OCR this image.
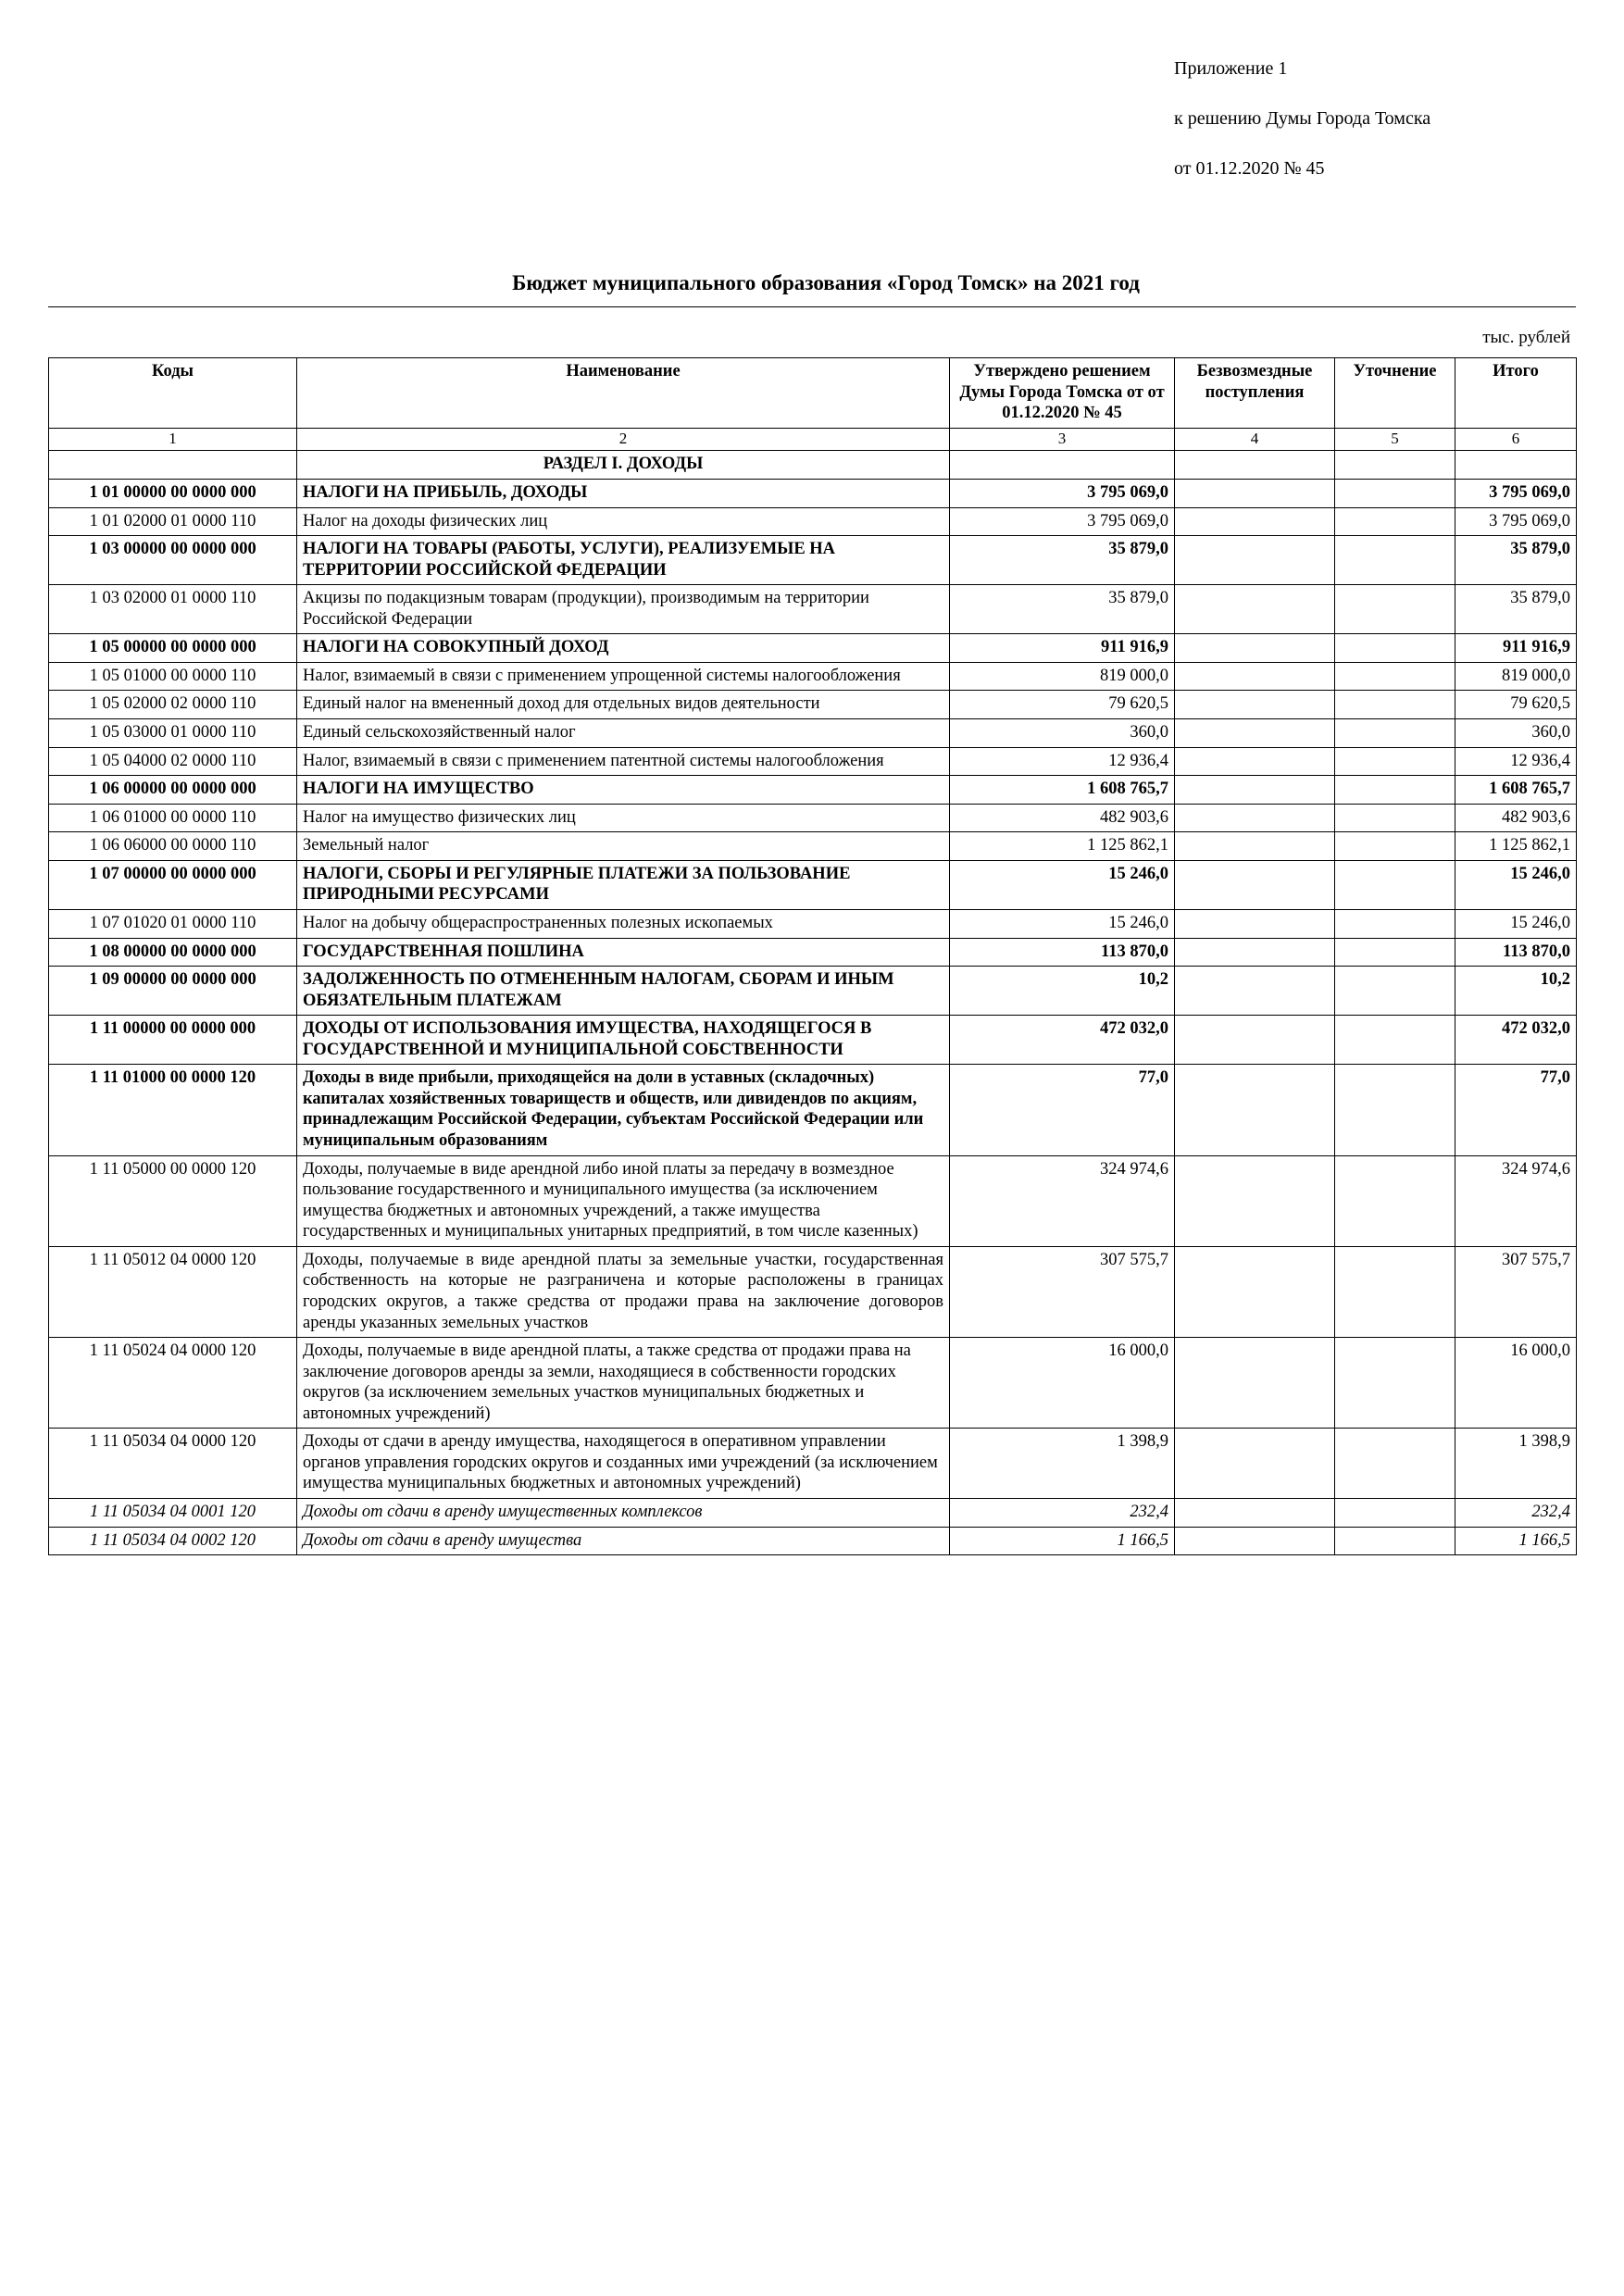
Приложение 1

к решению Думы Города Томска

от 01.12.2020 № 45

Бюджет муниципального образования «Город Томск» на 2021 год
тыс. рублей
Коды	Наименование	Утверждено решением Думы Города Томска от от 01.12.2020 № 45	Безвозмездные поступления	Уточнение	Итого
1	2	3	4	5	6
	РАЗДЕЛ I. ДОХОДЫ				
1 01 00000 00 0000 000	НАЛОГИ НА ПРИБЫЛЬ, ДОХОДЫ	3 795 069,0			3 795 069,0
1 01 02000 01 0000 110	Налог на доходы физических лиц	3 795 069,0			3 795 069,0
1 03 00000 00 0000 000	НАЛОГИ НА ТОВАРЫ (РАБОТЫ, УСЛУГИ), РЕАЛИЗУЕМЫЕ НА ТЕРРИТОРИИ РОССИЙСКОЙ ФЕДЕРАЦИИ	35 879,0			35 879,0
1 03 02000 01 0000 110	Акцизы по подакцизным товарам (продукции), производимым на территории Российской Федерации	35 879,0			35 879,0
1 05 00000 00 0000 000	НАЛОГИ НА СОВОКУПНЫЙ ДОХОД	911 916,9			911 916,9
1 05 01000 00 0000 110	Налог, взимаемый в связи с применением упрощенной системы налогообложения	819 000,0			819 000,0
1 05 02000 02 0000 110	Единый налог на вмененный доход для отдельных видов деятельности	79 620,5			79 620,5
1 05 03000 01 0000 110	Единый сельскохозяйственный налог	360,0			360,0
1 05 04000 02 0000 110	Налог, взимаемый в связи с применением патентной системы налогообложения	12 936,4			12 936,4
1 06 00000 00 0000 000	НАЛОГИ НА ИМУЩЕСТВО	1 608 765,7			1 608 765,7
1 06 01000 00 0000 110	Налог на имущество физических лиц	482 903,6			482 903,6
1 06 06000 00 0000 110	Земельный налог	1 125 862,1			1 125 862,1
1 07 00000 00 0000 000	НАЛОГИ, СБОРЫ И РЕГУЛЯРНЫЕ ПЛАТЕЖИ ЗА ПОЛЬЗОВАНИЕ ПРИРОДНЫМИ РЕСУРСАМИ	15 246,0			15 246,0
1 07 01020 01 0000 110	Налог на добычу общераспространенных полезных ископаемых	15 246,0			15 246,0
1 08 00000 00 0000 000	ГОСУДАРСТВЕННАЯ ПОШЛИНА	113 870,0			113 870,0
1 09 00000 00 0000 000	ЗАДОЛЖЕННОСТЬ ПО ОТМЕНЕННЫМ НАЛОГАМ, СБОРАМ И ИНЫМ ОБЯЗАТЕЛЬНЫМ ПЛАТЕЖАМ	10,2			10,2
1 11 00000 00 0000 000	ДОХОДЫ ОТ ИСПОЛЬЗОВАНИЯ ИМУЩЕСТВА, НАХОДЯЩЕГОСЯ В ГОСУДАРСТВЕННОЙ И МУНИЦИПАЛЬНОЙ СОБСТВЕННОСТИ	472 032,0			472 032,0
1 11 01000 00 0000 120	Доходы в виде прибыли, приходящейся на доли в уставных (складочных) капиталах хозяйственных товариществ и обществ, или дивидендов по акциям, принадлежащим Российской Федерации, субъектам Российской Федерации или муниципальным образованиям	77,0			77,0
1 11 05000 00 0000 120	Доходы, получаемые в виде арендной либо иной платы за передачу в возмездное пользование государственного и муниципального имущества (за исключением имущества бюджетных и автономных учреждений, а также имущества государственных и муниципальных унитарных предприятий, в том числе казенных)	324 974,6			324 974,6
1 11 05012 04 0000 120	Доходы, получаемые в виде арендной платы за земельные участки, государственная собственность на которые не разграничена и которые расположены в границах городских округов, а также средства от продажи права на заключение договоров аренды указанных земельных участков	307 575,7			307 575,7
1 11 05024 04 0000 120	Доходы, получаемые в виде арендной платы, а также средства от продажи права на заключение договоров аренды за земли, находящиеся в собственности городских округов (за исключением земельных участков муниципальных бюджетных и автономных учреждений)	16 000,0			16 000,0
1 11 05034 04 0000 120	Доходы от сдачи в аренду имущества, находящегося в оперативном управлении органов управления городских округов и созданных ими учреждений (за исключением имущества муниципальных бюджетных и автономных учреждений)	1 398,9			1 398,9
1 11 05034 04 0001 120	Доходы от сдачи в аренду имущественных комплексов	232,4			232,4
1 11 05034 04 0002 120	Доходы от сдачи в аренду имущества	1 166,5			1 166,5
